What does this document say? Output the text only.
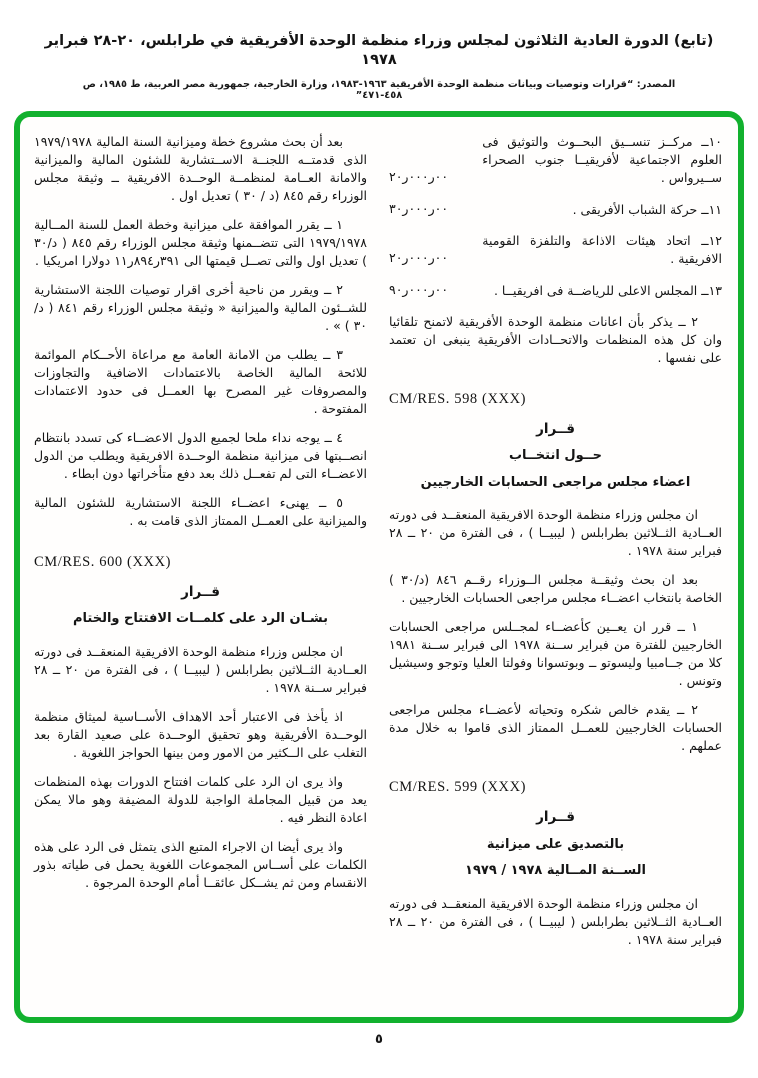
(تابع) الدورة العادية الثلاثون لمجلس وزراء منظمة الوحدة الأفريقية في طرابلس، ٢٠-٢٨ فبراير ١٩٧٨
المصدر: “قرارات وتوصيات وبيانات منظمة الوحدة الأفريقية ١٩٦٣-١٩٨٣، وزارة الخارجية، جمهورية مصر العربية، ط ١٩٨٥، ص ٤٥٨-٤٧١”
١٠ــ مركــز تنســيق البحــوث والتوثيق فى العلوم الاجتماعية لأفريقيــا جنوب الصحراء ســيرواس .
٢٠ر٠٠٠ر٠٠
١١ــ حركة الشباب الأفريقى .
٣٠ر٠٠٠ر٠٠
١٢ــ اتحاد هيئات الاذاعة والتلفزة القومية الافريقية .
٢٠ر٠٠٠ر٠٠
١٣ــ المجلس الاعلى للرياضــة فى افريقيــا .
٩٠ر٠٠٠ر٠٠

٢ ــ يذكر بأن اعانات منظمة الوحدة الأفريقية لاتمنح تلقائيا وان كل هذه المنظمات والاتحــادات الأفريقية ينبغى ان تعتمد على نفسها .

CM/RES. 598 (XXX)
قــرار
حــول انتخــاب
اعضاء مجلس مراجعى الحسابات الخارجيين

ان مجلس وزراء منظمة الوحدة الافريقية المنعقــد فى دورته العــادية الثــلاثين بطرابلس ( ليبيــا ) ، فى الفترة من ٢٠ ــ ٢٨ فبراير سنة ١٩٧٨ .

بعد ان بحث وثيقــة مجلس الــوزراء رقــم ٨٤٦ (د/٣٠ ) الخاصة بانتخاب اعضــاء مجلس مراجعى الحسابات الخارجيين .

١ ــ قرر ان يعــين كأعضــاء لمجــلس مراجعى الحسابات الخارجيين للفترة من فبراير ســنة ١٩٧٨ الى فبراير ســنة ١٩٨١ كلا من جــامبيا وليسوتو ــ وبوتسوانا وفولتا العليا وتوجو وسيشيل وتونس .

٢ ــ يقدم خالص شكره وتحياته لأعضــاء مجلس مراجعى الحسابات الخارجيين للعمــل الممتاز الذى قاموا به خلال مدة عملهم .

CM/RES. 599 (XXX)
قــرار
بالتصديق على ميزانية
الســنة المــالية ١٩٧٨ / ١٩٧٩

ان مجلس وزراء منظمة الوحدة الافريقية المنعقــد فى دورته العــادية الثــلاثين بطرابلس ( ليبيــا ) ، فى الفترة من ٢٠ ــ ٢٨ فبراير سنة ١٩٧٨ .

بعد أن بحث مشروع خطة وميزانية السنة المالية ١٩٧٩/١٩٧٨ الذى قدمتــه اللجنــة الاســتشارية للشئون المالية والميزانية والامانة العــامة لمنظمــة الوحــدة الافريقية ــ وثيقة مجلس الوزراء رقم ٨٤٥ (د / ٣٠ ) تعديل اول .

١ ــ يقرر الموافقة على ميزانية وخطة العمل للسنة المــالية ١٩٧٩/١٩٧٨ التى تتضــمنها وثيقة مجلس الوزراء رقم ٨٤٥ ( د/٣٠ ) تعديل اول والتى تصــل قيمتها الى ٣٩١ر٨٩٤ر١١ دولارا امريكيا .

٢ ــ ويقرر من ناحية أخرى اقرار توصيات اللجنة الاستشارية للشــئون المالية والميزانية « وثيقة مجلس الوزراء رقم ٨٤١ ( د/٣٠ ) » .

٣ ــ يطلب من الامانة العامة مع مراعاة الأحــكام الموائمة للائحة المالية الخاصة بالاعتمادات الاضافية والتجاوزات والمصروفات غير المصرح بها العمــل فى حدود الاعتمادات المفتوحة .

٤ ــ يوجه نداء ملحا لجميع الدول الاعضــاء كى تسدد بانتظام انصــبتها فى ميزانية منظمة الوحــدة الافريقية ويطلب من الدول الاعضــاء التى لم تفعــل ذلك بعد دفع متأخراتها دون ابطاء .

٥ ــ يهنىء اعضــاء اللجنة الاستشارية للشئون المالية والميزانية على العمــل الممتاز الذى قامت به .

CM/RES. 600 (XXX)
قــرار
بشـان الرد على كلمــات الافتتاح والختام

ان مجلس وزراء منظمة الوحدة الافريقية المنعقــد فى دورته العــادية الثــلاثين بطرابلس ( ليبيــا ) ، فى الفترة من ٢٠ ــ ٢٨ فبراير ســنة ١٩٧٨ .

اذ يأخذ فى الاعتبار أحد الاهداف الأســاسية لميثاق منظمة الوحــدة الأفريقية وهو تحقيق الوحــدة على صعيد القارة بعد التغلب على الــكثير من الامور ومن بينها الحواجز اللغوية .

واذ يرى ان الرد على كلمات افتتاح الدورات بهذه المنظمات يعد من قبيل المجاملة الواجبة للدولة المضيفة وهو مالا يمكن اعادة النظر فيه .

واذ يرى أيضا ان الاجراء المتبع الذى يتمثل فى الرد على هذه الكلمات على أســاس المجموعات اللغوية يحمل فى طياته بذور الانقسام ومن ثم يشــكل عائقــا أمام الوحدة المرجوة .

٥
